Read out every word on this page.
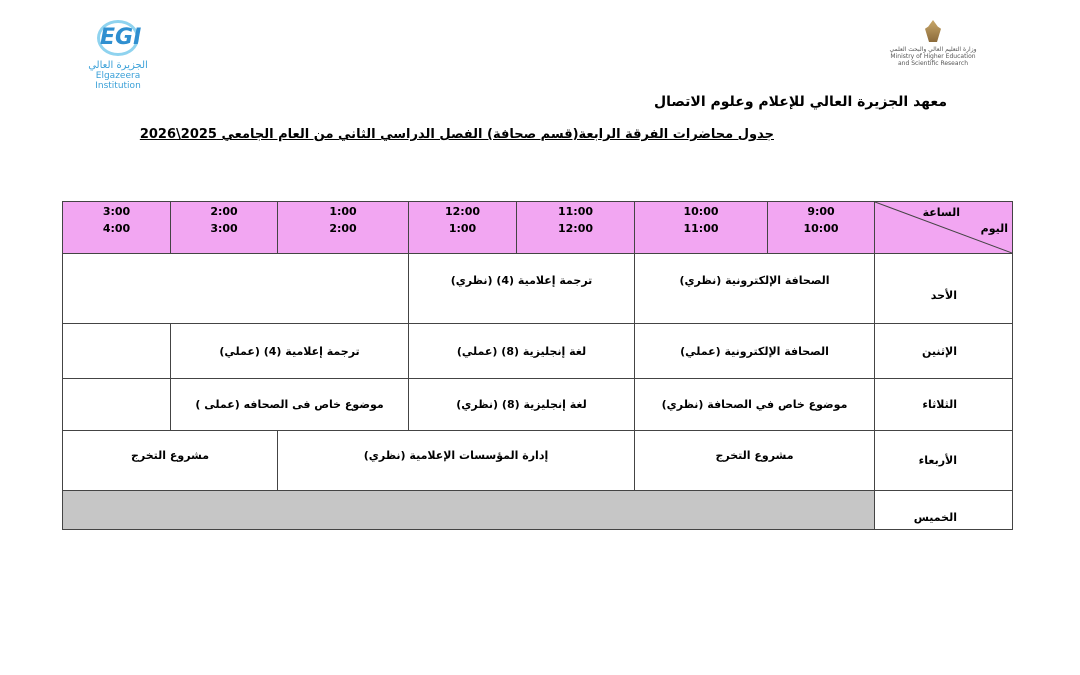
EGI
الجزيرة العالي
Elgazeera Institution
وزارة التعليم العالي والبحث العلمي
Ministry of Higher Education and Scientific Research
معهد الجزيرة العالي للإعلام وعلوم الاتصال
جدول محاضرات الفرقة الرابعة(قسم صحافة) الفصل الدراسي الثاني من العام الجامعي 2025\2026
الساعة
اليوم
9:00
10:00
10:00
11:00
11:00
12:00
12:00
1:00
1:00
2:00
2:00
3:00
3:00
4:00
الأحد
الصحافة الإلكترونية (نظري)
ترجمة إعلامية (4) (نظري)
الإثنين
الصحافة الإلكترونية (عملي)
لغة إنجليزية (8) (عملي)
ترجمة إعلامية (4) (عملي)
الثلاثاء
موضوع خاص في الصحافة (نظري)
لغة إنجليزية (8) (نظري)
موضوع خاص فى الصحافه (عملى )
الأربعاء
مشروع التخرج
إدارة المؤسسات الإعلامية (نظري)
مشروع التخرج
الخميس
